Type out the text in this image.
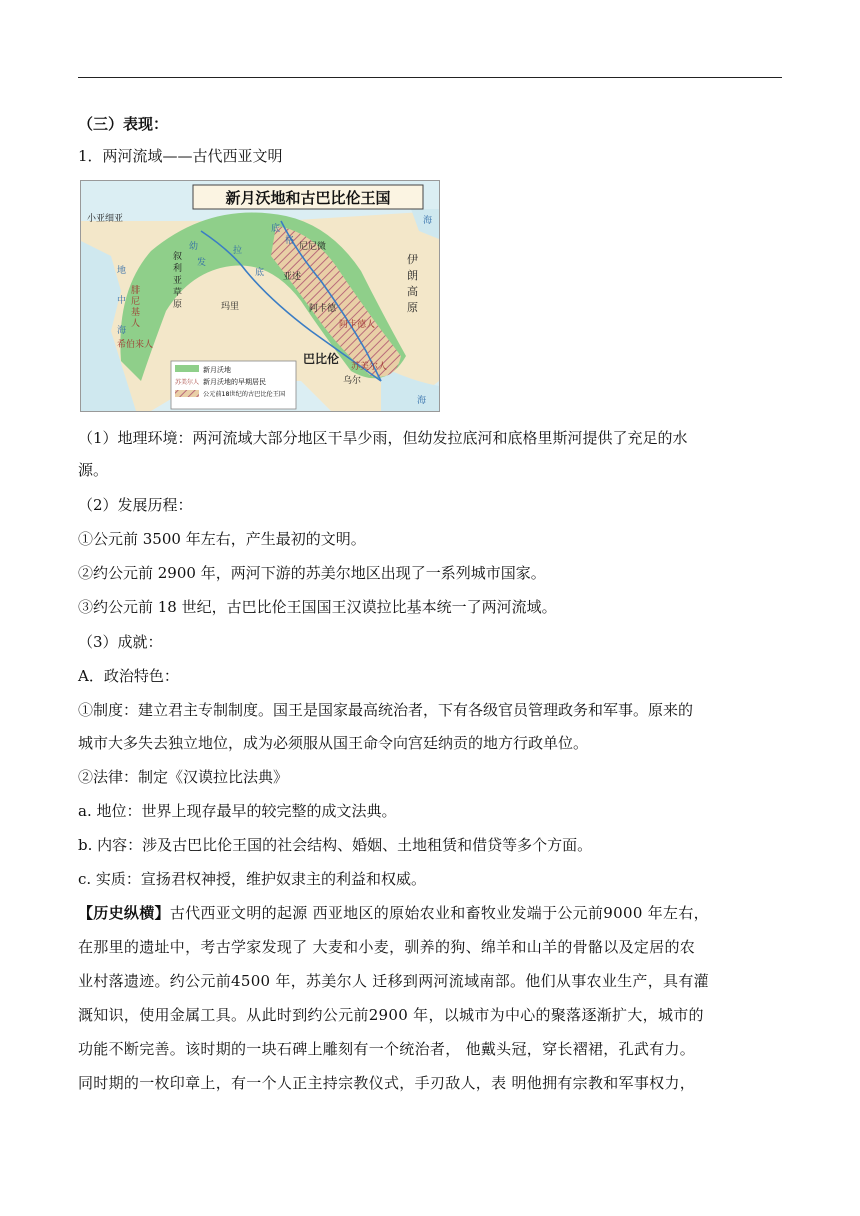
（三）表现：
1．两河流域——古代西亚文明
新月沃地和古巴比伦王国
小亚细亚
叙
利
亚
草
原
地
中
海
腓
尼
基
人
希伯来人
幼
发
拉
底
底
格
尼尼微
亚述
玛里	阿卡德
阿卡德人
巴比伦
苏美尔人
乌尔
伊
朗
高
原
海
海
新月沃地
苏美尔人 新月沃地的早期居民
公元前18世纪的古巴比伦王国
（1）地理环境：两河流域大部分地区干旱少雨，但幼发拉底河和底格里斯河提供了充足的水
源。
（2）发展历程：
①公元前 3500 年左右，产生最初的文明。
②约公元前 2900 年，两河下游的苏美尔地区出现了一系列城市国家。
③约公元前 18 世纪，古巴比伦王国国王汉谟拉比基本统一了两河流域。
（3）成就：
A．政治特色：
①制度：建立君主专制制度。国王是国家最高统治者，下有各级官员管理政务和军事。原来的
城市大多失去独立地位，成为必须服从国王命令向宫廷纳贡的地方行政单位。
②法律：制定《汉谟拉比法典》
a. 地位：世界上现存最早的较完整的成文法典。
b. 内容：涉及古巴比伦王国的社会结构、婚姻、土地租赁和借贷等多个方面。
c. 实质：宣扬君权神授，维护奴隶主的利益和权威。
【历史纵横】古代西亚文明的起源 西亚地区的原始农业和畜牧业发端于公元前9000 年左右，
在那里的遗址中，考古学家发现了 大麦和小麦，驯养的狗、绵羊和山羊的骨骼以及定居的农
业村落遗迹。约公元前4500 年，苏美尔人 迁移到两河流域南部。他们从事农业生产，具有灌
溉知识，使用金属工具。从此时到约公元前2900 年，以城市为中心的聚落逐渐扩大，城市的
功能不断完善。该时期的一块石碑上雕刻有一个统治者， 他戴头冠，穿长褶裙，孔武有力。
同时期的一枚印章上，有一个人正主持宗教仪式，手刃敌人，表 明他拥有宗教和军事权力，
